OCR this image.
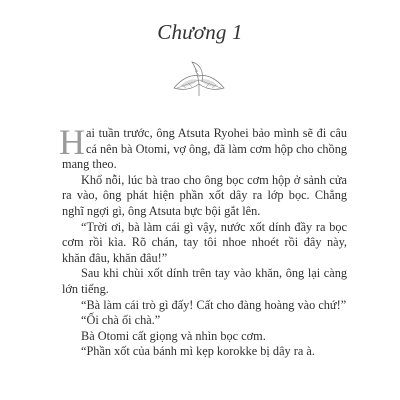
Chương 1

Hai tuần trước, ông Atsuta Ryohei bảo mình sẽ đi câu cá nên bà Otomi, vợ ông, đã làm cơm hộp cho chồng mang theo.

Khổ nỗi, lúc bà trao cho ông bọc cơm hộp ở sảnh cửa ra vào, ông phát hiện phần xốt dây ra lớp bọc. Chẳng nghĩ ngợi gì, ông Atsuta bực bội gắt lên.

“Trời ơi, bà làm cái gì vậy, nước xốt dính đầy ra bọc cơm rồi kìa. Rõ chán, tay tôi nhoe nhoét rồi đây này, khăn đâu, khăn đâu!”

Sau khi chùi xốt dính trên tay vào khăn, ông lại càng lớn tiếng.

“Bà làm cái trò gì đấy! Cất cho đàng hoàng vào chứ!”

“Ối chà ối chà.”

Bà Otomi cất giọng và nhìn bọc cơm.

“Phần xốt của bánh mì kẹp korokke bị dây ra à.
